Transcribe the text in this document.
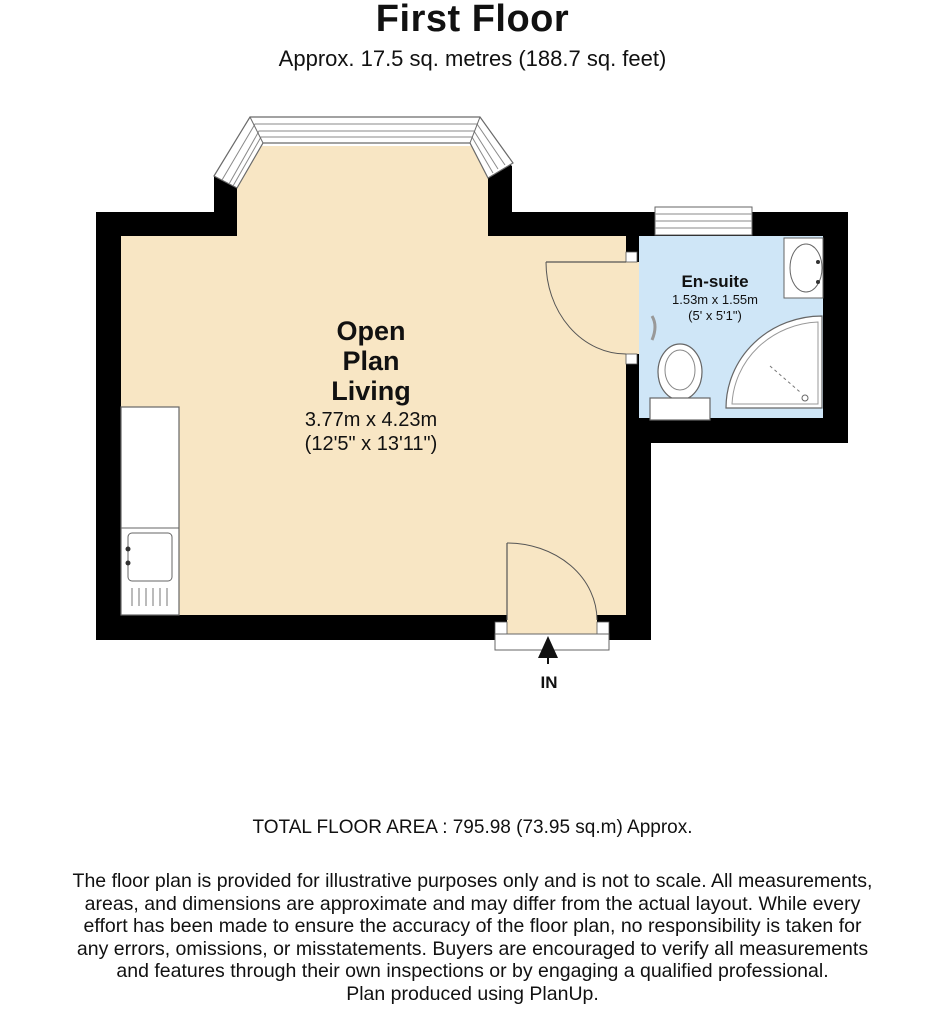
First Floor
Approx. 17.5 sq. metres (188.7 sq. feet)
Open
Plan
Living
3.77m x 4.23m
(12'5" x 13'11")
En-suite
1.53m x 1.55m
(5' x 5'1")
IN
TOTAL FLOOR AREA : 795.98 (73.95 sq.m) Approx.
The floor plan is provided for illustrative purposes only and is not to scale. All measurements,
areas, and dimensions are approximate and may differ from the actual layout. While every
effort has been made to ensure the accuracy of the floor plan, no responsibility is taken for
any errors, omissions, or misstatements. Buyers are encouraged to verify all measurements
and features through their own inspections or by engaging a qualified professional.
Plan produced using PlanUp.
